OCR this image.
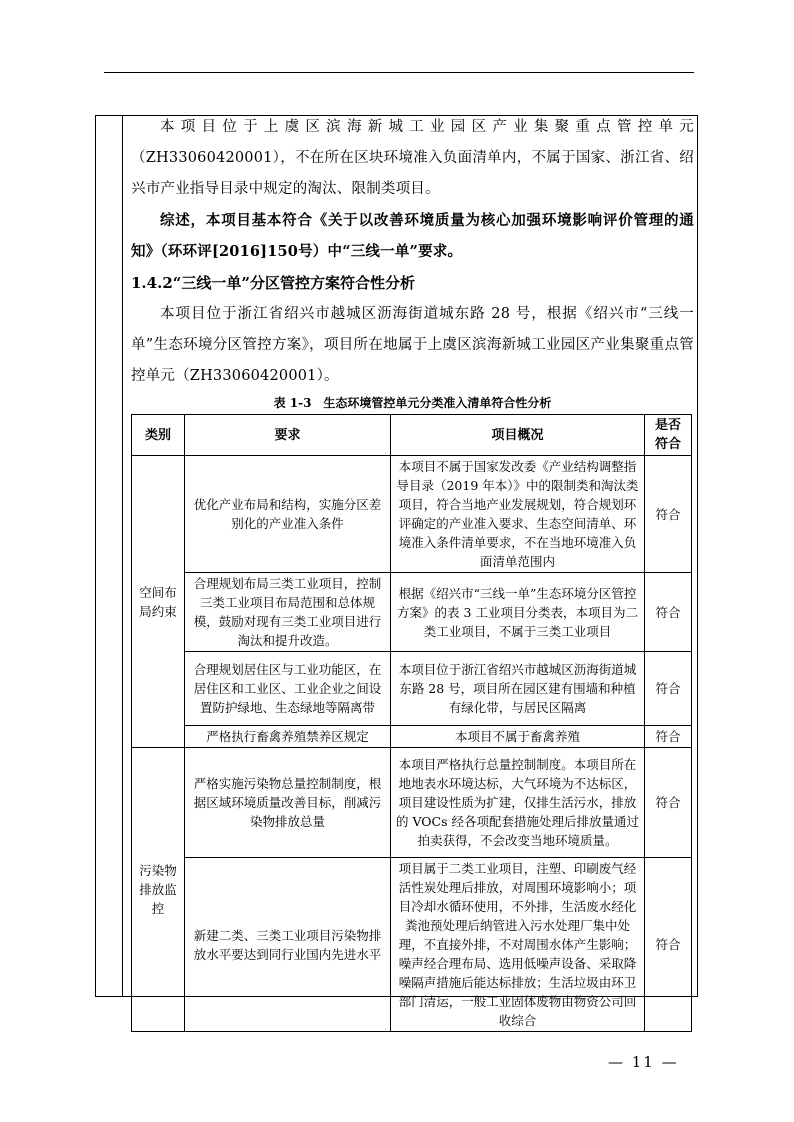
本项目位于上虞区滨海新城工业园区产业集聚重点管控单元（ZH33060420001），不在所在区块环境准入负面清单内，不属于国家、浙江省、绍兴市产业指导目录中规定的淘汰、限制类项目。

综述，本项目基本符合《关于以改善环境质量为核心加强环境影响评价管理的通知》（环环评[2016]150号）中“三线一单”要求。

1.4.2“三线一单”分区管控方案符合性分析

本项目位于浙江省绍兴市越城区沥海街道城东路 28 号，根据《绍兴市“三线一单”生态环境分区管控方案》，项目所在地属于上虞区滨海新城工业园区产业集聚重点管控单元（ZH33060420001）。

表 1-3　生态环境管控单元分类准入清单符合性分析
类别	要求	项目概况	是否符合
空间布局约束	优化产业布局和结构，实施分区差别化的产业准入条件	本项目不属于国家发改委《产业结构调整指导目录（2019 年本）》中的限制类和淘汰类项目，符合当地产业发展规划，符合规划环评确定的产业准入要求、生态空间清单、环境准入条件清单要求，不在当地环境准入负面清单范围内	符合
	合理规划布局三类工业项目，控制三类工业项目布局范围和总体规模，鼓励对现有三类工业项目进行淘汰和提升改造。	根据《绍兴市“三线一单”生态环境分区管控方案》的表 3 工业项目分类表，本项目为二类工业项目，不属于三类工业项目	符合
	合理规划居住区与工业功能区，在居住区和工业区、工业企业之间设置防护绿地、生态绿地等隔离带	本项目位于浙江省绍兴市越城区沥海街道城东路 28 号，项目所在园区建有围墙和种植有绿化带，与居民区隔离	符合
	严格执行畜禽养殖禁养区规定	本项目不属于畜禽养殖	符合
污染物排放监控	严格实施污染物总量控制制度，根据区域环境质量改善目标，削减污染物排放总量	本项目严格执行总量控制制度。本项目所在地地表水环境达标，大气环境为不达标区，项目建设性质为扩建，仅排生活污水，排放的 VOCs 经各项配套措施处理后排放量通过拍卖获得，不会改变当地环境质量。	符合
	新建二类、三类工业项目污染物排放水平要达到同行业国内先进水平	项目属于二类工业项目，注塑、印刷废气经活性炭处理后排放，对周围环境影响小；项目冷却水循环使用，不外排，生活废水经化粪池预处理后纳管进入污水处理厂集中处理，不直接外排，不对周围水体产生影响；噪声经合理布局、选用低噪声设备、采取降噪隔声措施后能达标排放；生活垃圾由环卫部门清运，一般工业固体废物由物资公司回收综合	符合
— 11 —
